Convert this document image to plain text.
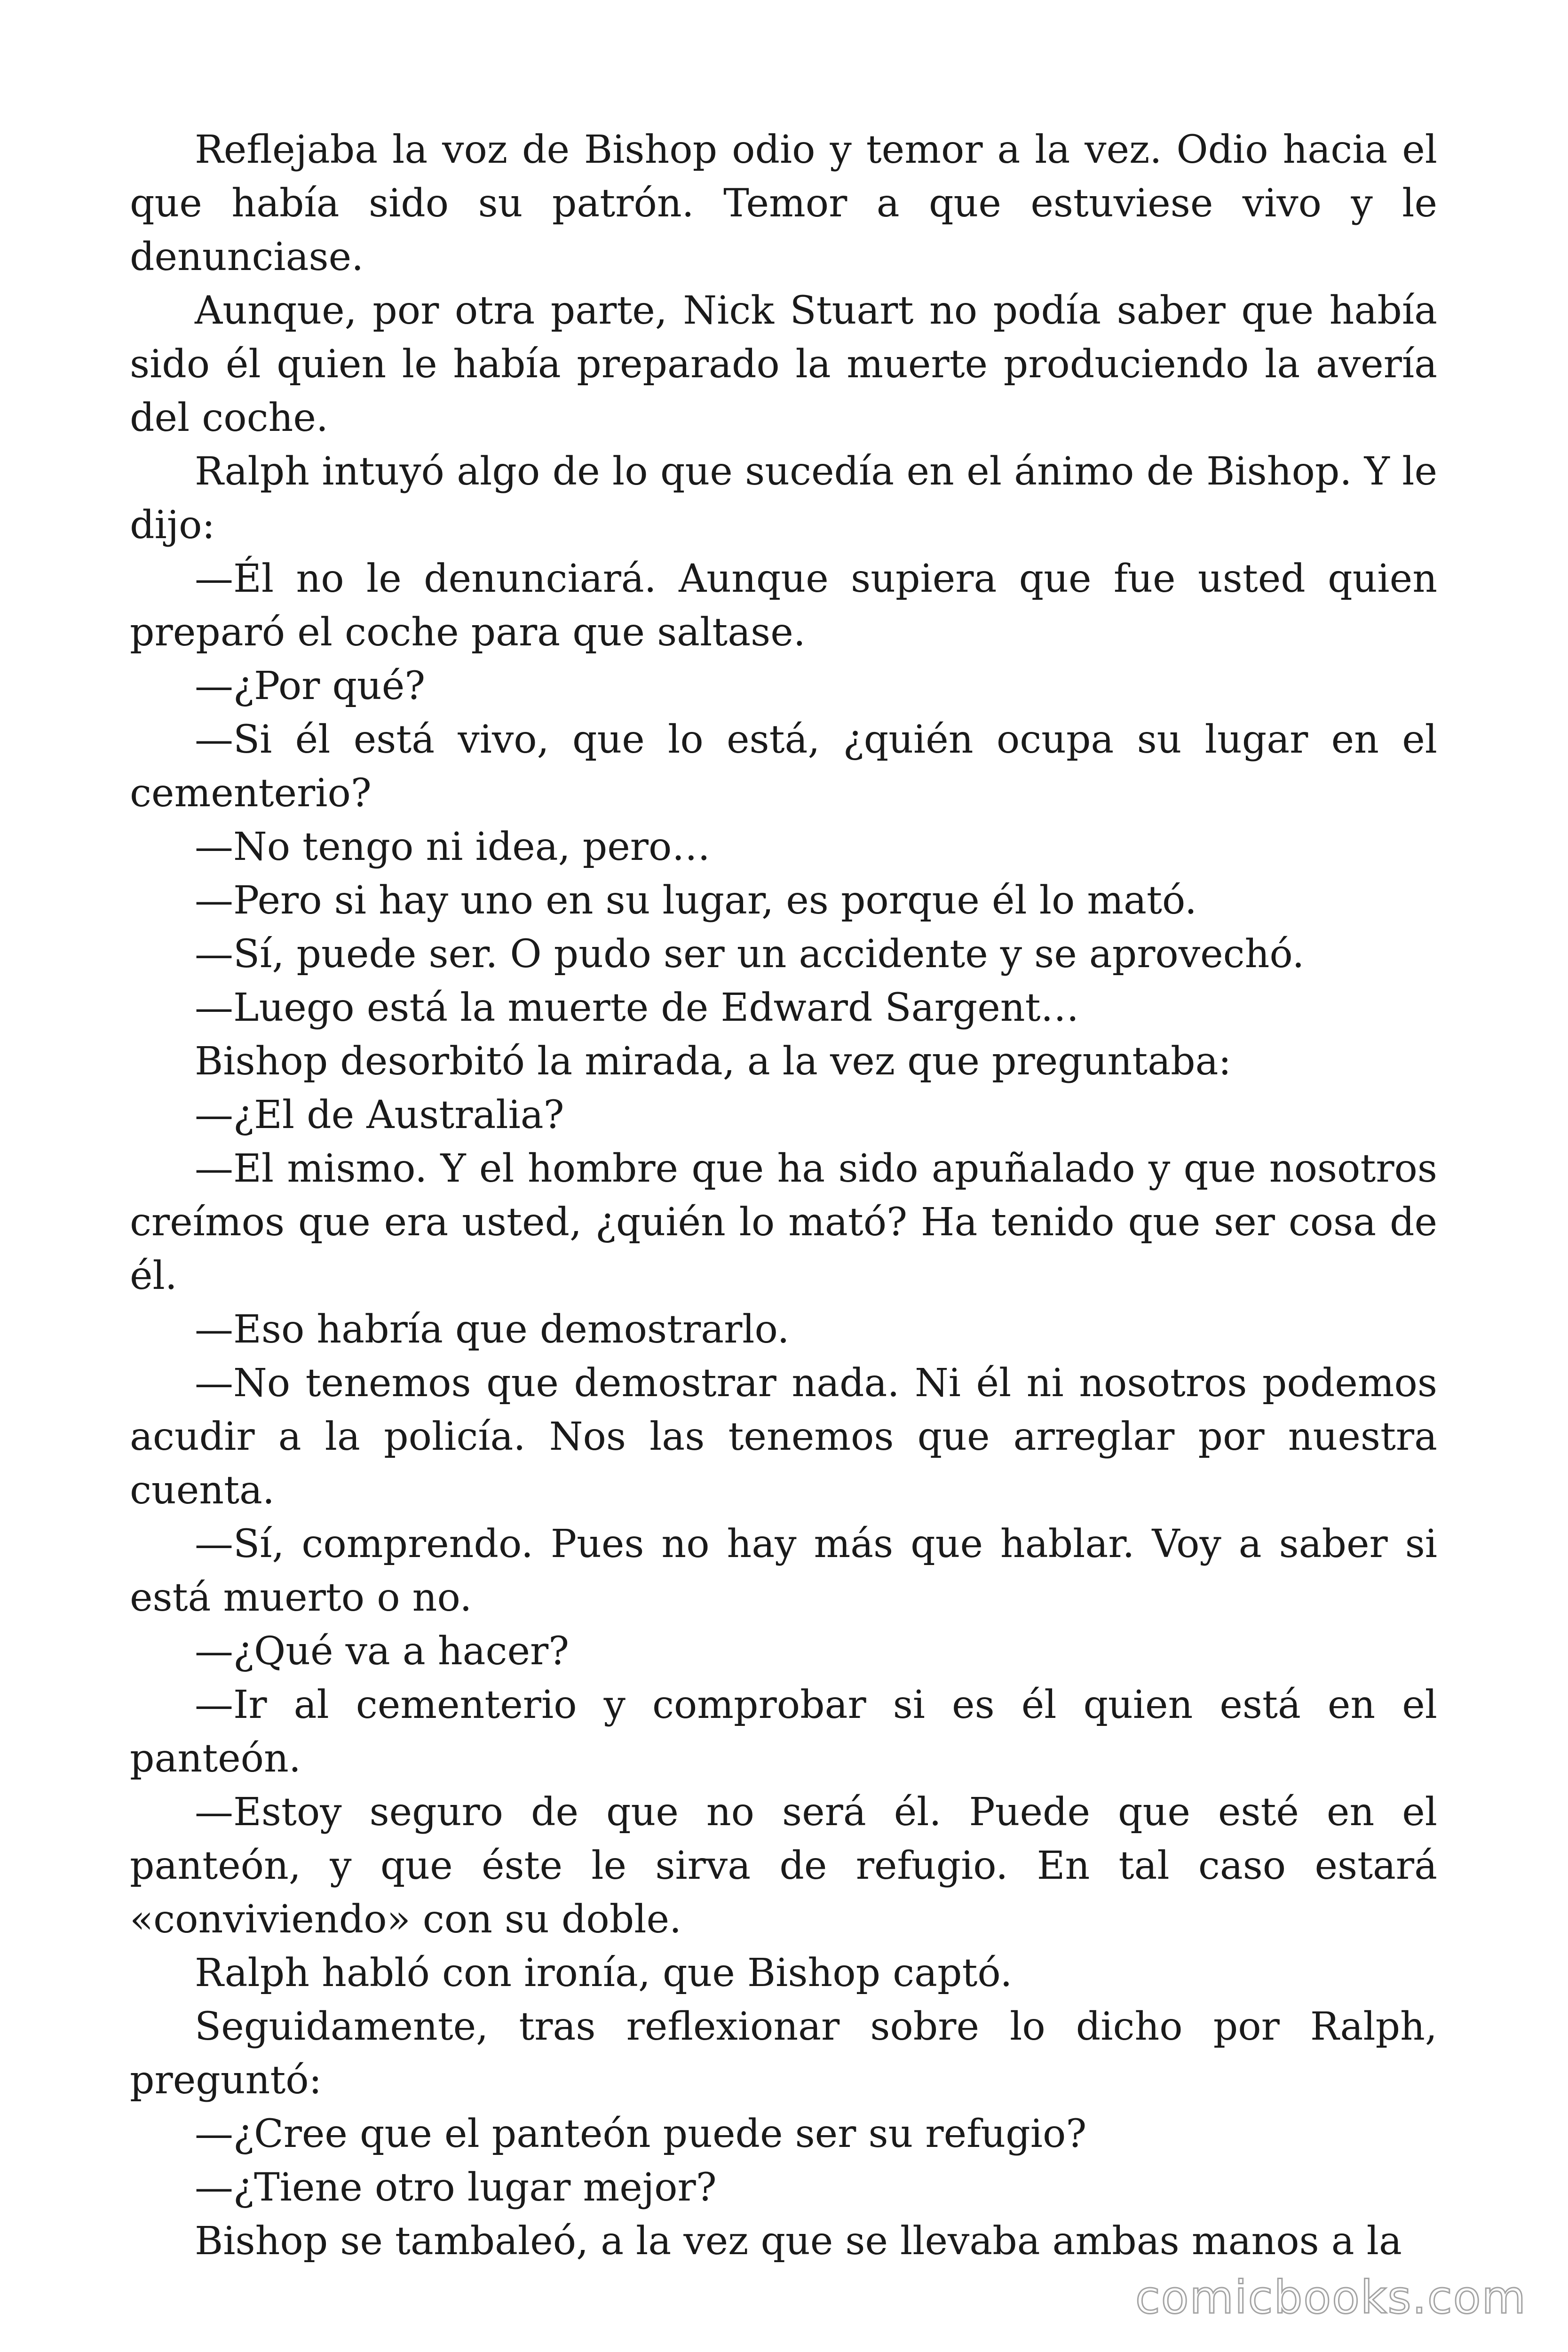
Reflejaba la voz de Bishop odio y temor a la vez. Odio hacia el que había sido su patrón. Temor a que estuviese vivo y le denunciase.

Aunque, por otra parte, Nick Stuart no podía saber que había sido él quien le había preparado la muerte produciendo la avería del coche.

Ralph intuyó algo de lo que sucedía en el ánimo de Bishop. Y le dijo:

—Él no le denunciará. Aunque supiera que fue usted quien preparó el coche para que saltase.

—¿Por qué?

—Si él está vivo, que lo está, ¿quién ocupa su lugar en el cementerio?

—No tengo ni idea, pero…

—Pero si hay uno en su lugar, es porque él lo mató.

—Sí, puede ser. O pudo ser un accidente y se aprovechó.

—Luego está la muerte de Edward Sargent…

Bishop desorbitó la mirada, a la vez que preguntaba:

—¿El de Australia?

—El mismo. Y el hombre que ha sido apuñalado y que nosotros creímos que era usted, ¿quién lo mató? Ha tenido que ser cosa de él.

—Eso habría que demostrarlo.

—No tenemos que demostrar nada. Ni él ni nosotros podemos acudir a la policía. Nos las tenemos que arreglar por nuestra cuenta.

—Sí, comprendo. Pues no hay más que hablar. Voy a saber si está muerto o no.

—¿Qué va a hacer?

—Ir al cementerio y comprobar si es él quien está en el panteón.

—Estoy seguro de que no será él. Puede que esté en el panteón, y que éste le sirva de refugio. En tal caso estará «conviviendo» con su doble.

Ralph habló con ironía, que Bishop captó.

Seguidamente, tras reflexionar sobre lo dicho por Ralph, preguntó:

—¿Cree que el panteón puede ser su refugio?

—¿Tiene otro lugar mejor?

Bishop se tambaleó, a la vez que se llevaba ambas manos a la

comicbooks.com
